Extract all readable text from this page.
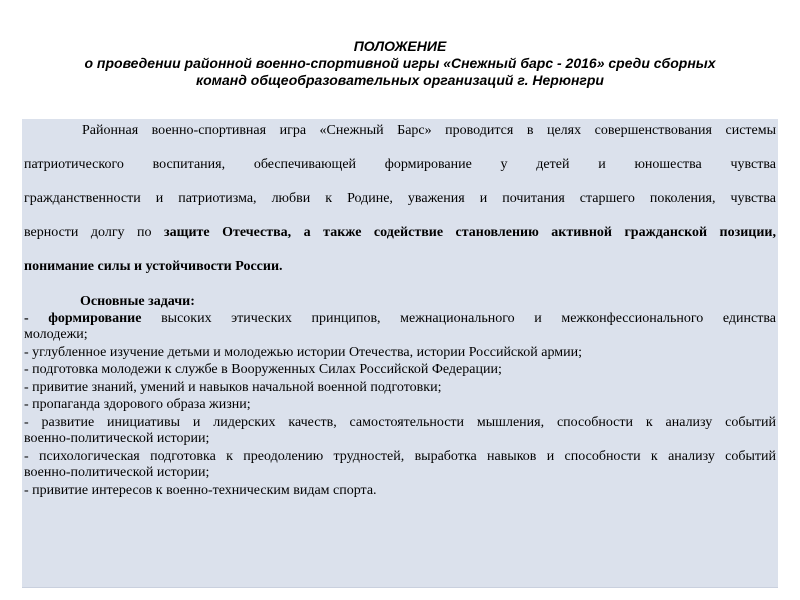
ПОЛОЖЕНИЕ
о проведении районной военно-спортивной игры «Снежный барс - 2016» среди сборных
команд общеобразовательных организаций г. Нерюнгри
Районная военно-спортивная игра «Снежный Барс» проводится в целях совершенствования системы
патриотического воспитания, обеспечивающей формирование у детей и юношества чувства
гражданственности и патриотизма, любви к Родине, уважения и почитания старшего поколения, чувства
верности долгу по защите Отечества, а также содействие становлению активной гражданской позиции,
понимание силы и устойчивости России.
Основные задачи:
- формирование высоких этических принципов, межнационального и межконфессионального единства
молодежи;
- углубленное изучение детьми и молодежью истории Отечества, истории Российской армии;
- подготовка молодежи к службе в Вооруженных Силах Российской Федерации;
- привитие знаний, умений и навыков начальной военной подготовки;
- пропаганда здорового образа жизни;
- развитие инициативы и лидерских качеств, самостоятельности мышления, способности к анализу событий
военно-политической истории;
- психологическая подготовка к преодолению трудностей, выработка навыков и способности к анализу событий
военно-политической истории;
- привитие интересов к военно-техническим видам спорта.
